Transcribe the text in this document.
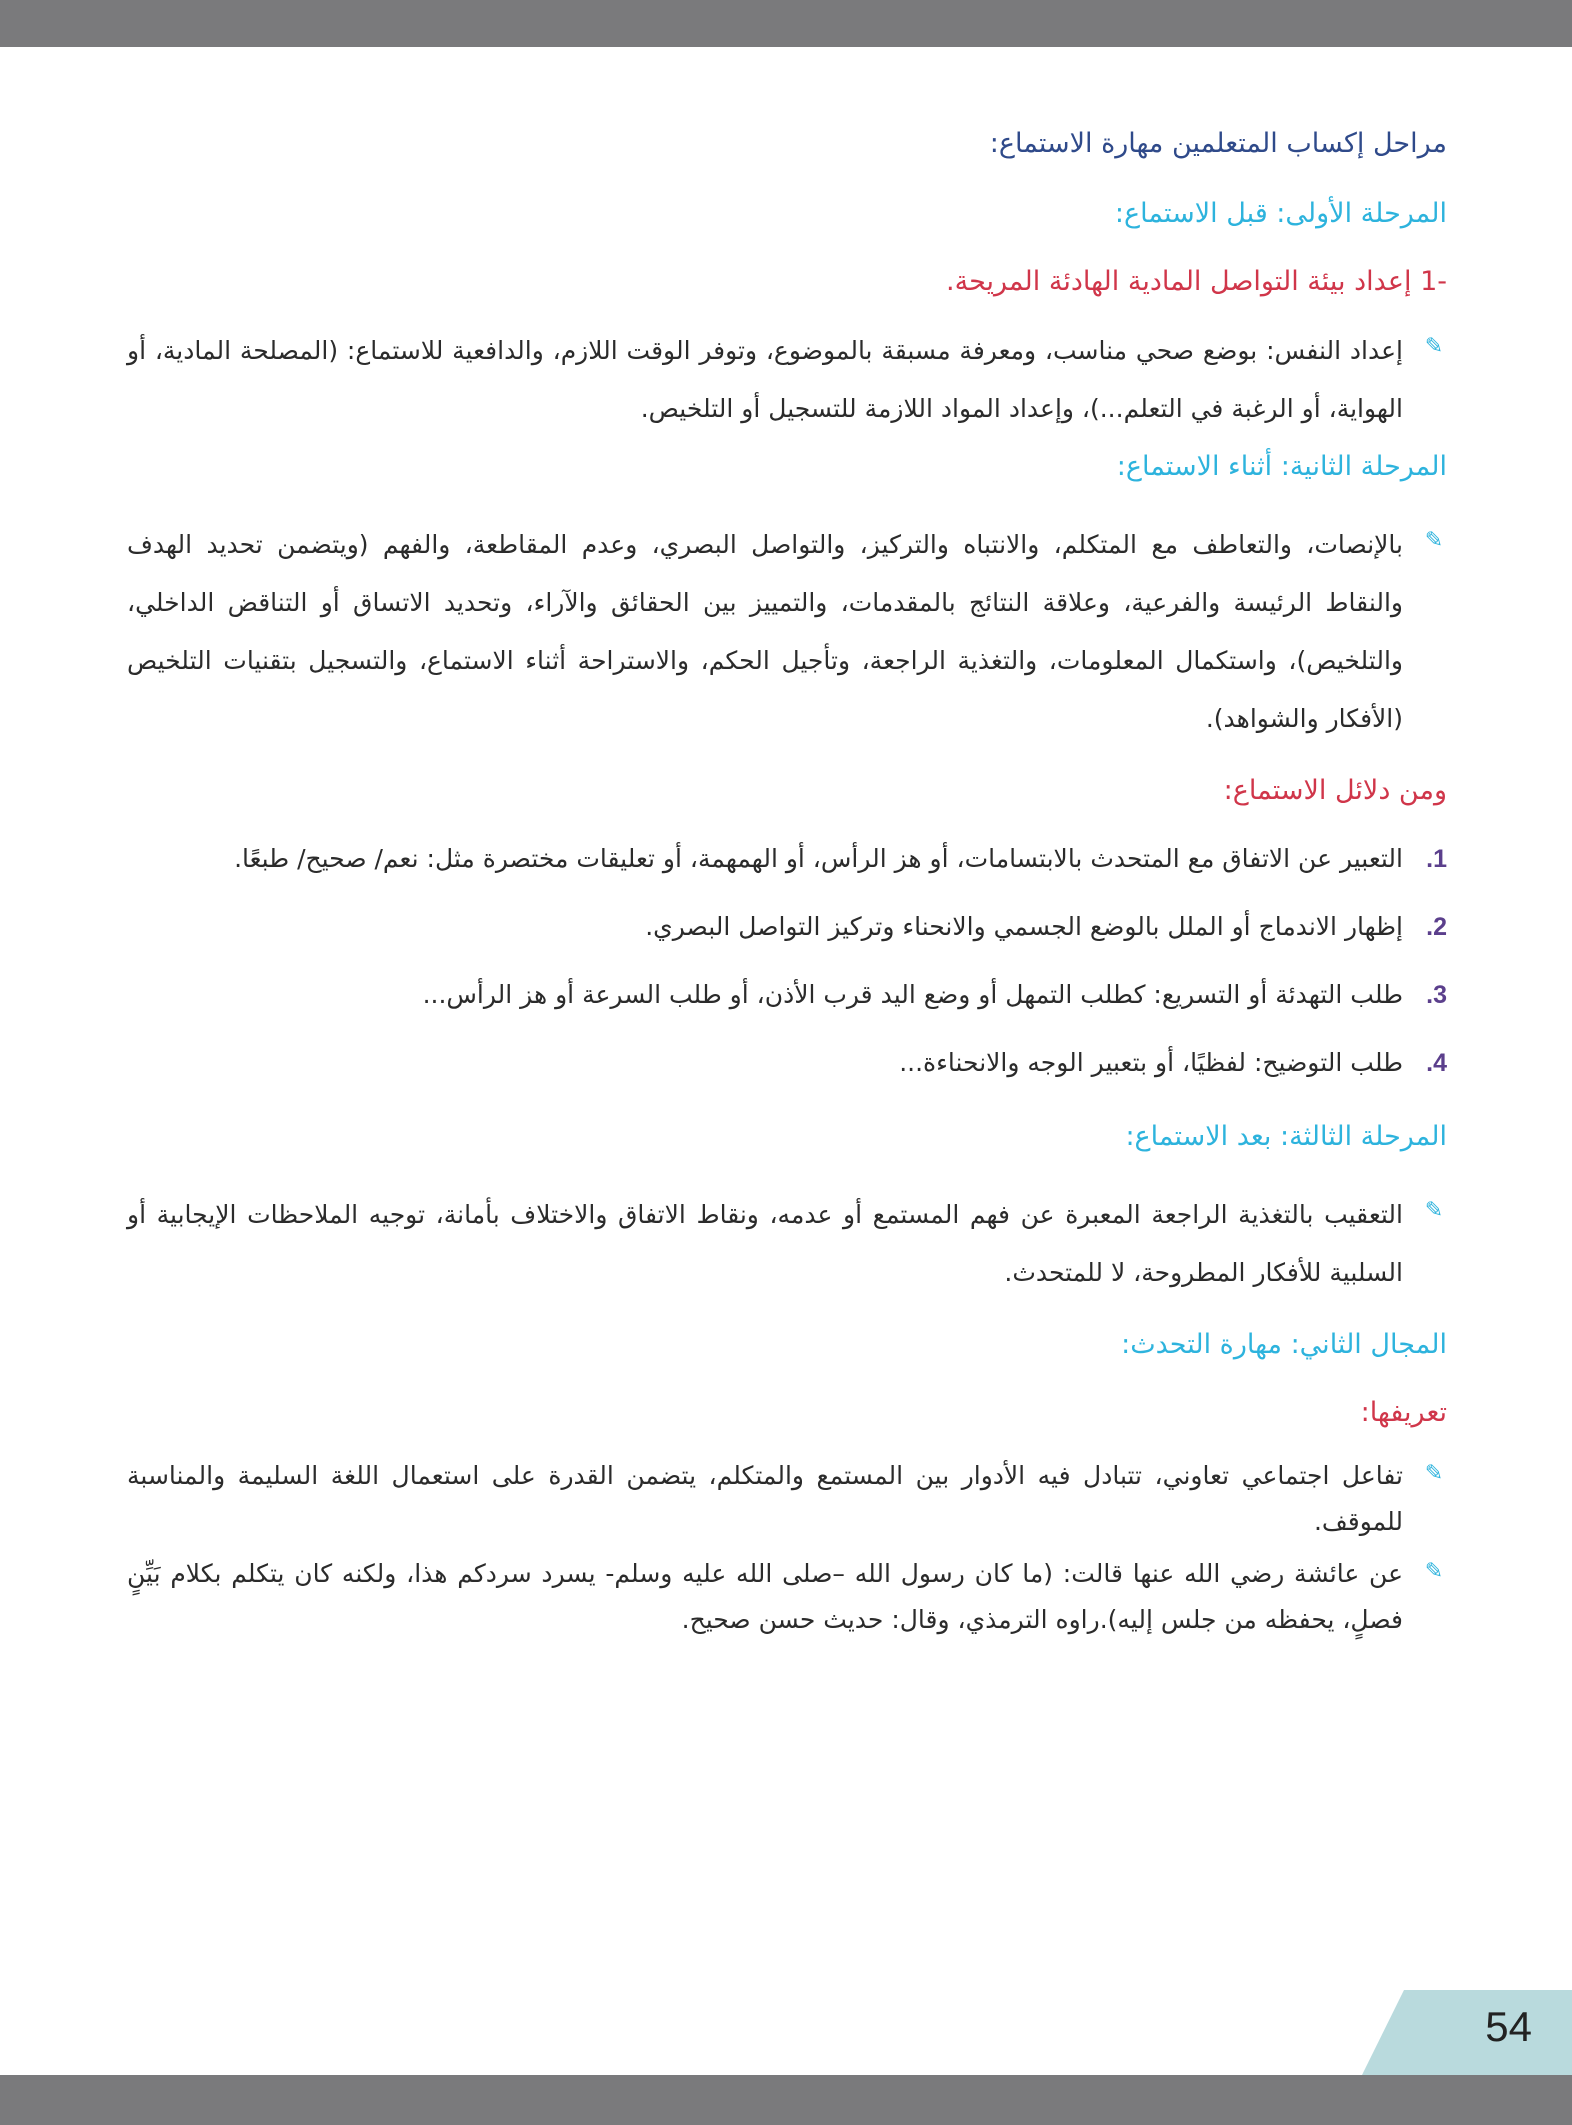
مراحل إكساب المتعلمين مهارة الاستماع:
المرحلة الأولى: قبل الاستماع:
-1 إعداد بيئة التواصل المادية الهادئة المريحة.
✎
إعداد النفس: بوضع صحي مناسب، ومعرفة مسبقة بالموضوع، وتوفر الوقت اللازم، والدافعية للاستماع: (المصلحة المادية، أو الهواية، أو الرغبة في التعلم...)، وإعداد المواد اللازمة للتسجيل أو التلخيص.
المرحلة الثانية: أثناء الاستماع:
✎
بالإنصات، والتعاطف مع المتكلم، والانتباه والتركيز، والتواصل البصري، وعدم المقاطعة، والفهم (ويتضمن تحديد الهدف والنقاط الرئيسة والفرعية، وعلاقة النتائج بالمقدمات، والتمييز بين الحقائق والآراء، وتحديد الاتساق أو التناقض الداخلي، والتلخيص)، واستكمال المعلومات، والتغذية الراجعة، وتأجيل الحكم، والاستراحة أثناء الاستماع، والتسجيل بتقنيات التلخيص (الأفكار والشواهد).
ومن دلائل الاستماع:
1.
التعبير عن الاتفاق مع المتحدث بالابتسامات، أو هز الرأس، أو الهمهمة، أو تعليقات مختصرة مثل: نعم/ صحيح/ طبعًا.
2.
إظهار الاندماج أو الملل بالوضع الجسمي والانحناء وتركيز التواصل البصري.
3.
طلب التهدئة أو التسريع: كطلب التمهل أو وضع اليد قرب الأذن، أو طلب السرعة أو هز الرأس...
4.
طلب التوضيح: لفظيًا، أو بتعبير الوجه والانحناءة...
المرحلة الثالثة: بعد الاستماع:
✎
التعقيب بالتغذية الراجعة المعبرة عن فهم المستمع أو عدمه، ونقاط الاتفاق والاختلاف بأمانة، توجيه الملاحظات الإيجابية أو السلبية للأفكار المطروحة، لا للمتحدث.
المجال الثاني: مهارة التحدث:
تعريفها:
✎
تفاعل اجتماعي تعاوني، تتبادل فيه الأدوار بين المستمع والمتكلم، يتضمن القدرة على استعمال اللغة السليمة والمناسبة للموقف.
✎
عن عائشة رضي الله عنها قالت: (ما كان رسول الله –صلى الله عليه وسلم- يسرد سردكم هذا، ولكنه كان يتكلم بكلام بَيِّنٍ فصلٍ، يحفظه من جلس إليه).راوه الترمذي، وقال: حديث حسن صحيح.
54
